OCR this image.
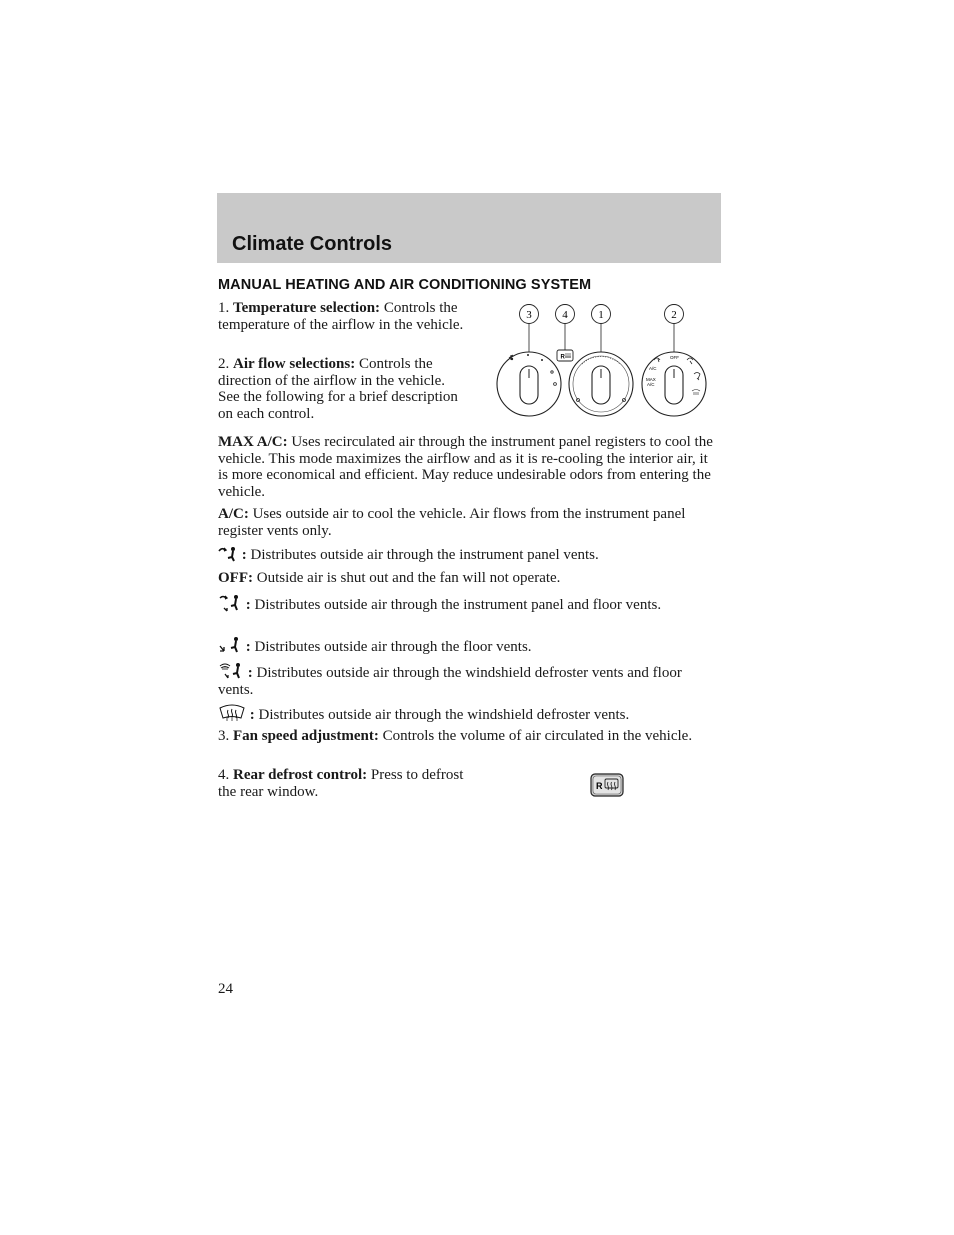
Climate Controls
MANUAL HEATING AND AIR CONDITIONING SYSTEM

1. Temperature selection: Controls the temperature of the airflow in the vehicle.

2. Air flow selections: Controls the direction of the airflow in the vehicle. See the following for a brief description on each control.

3	4	1	2
R	OFF
A/C
MAX
A/C

MAX A/C: Uses recirculated air through the instrument panel registers to cool the vehicle. This mode maximizes the airflow and as it is re-cooling the interior air, it is more economical and efficient. May reduce undesirable odors from entering the vehicle.

A/C: Uses outside air to cool the vehicle. Air flows from the instrument panel register vents only.

: Distributes outside air through the instrument panel vents.

OFF: Outside air is shut out and the fan will not operate.

: Distributes outside air through the instrument panel and floor vents.

: Distributes outside air through the floor vents.

: Distributes outside air through the windshield defroster vents and floor vents.

: Distributes outside air through the windshield defroster vents.

3. Fan speed adjustment: Controls the volume of air circulated in the vehicle.

4. Rear defrost control: Press to defrost the rear window.	R

24
